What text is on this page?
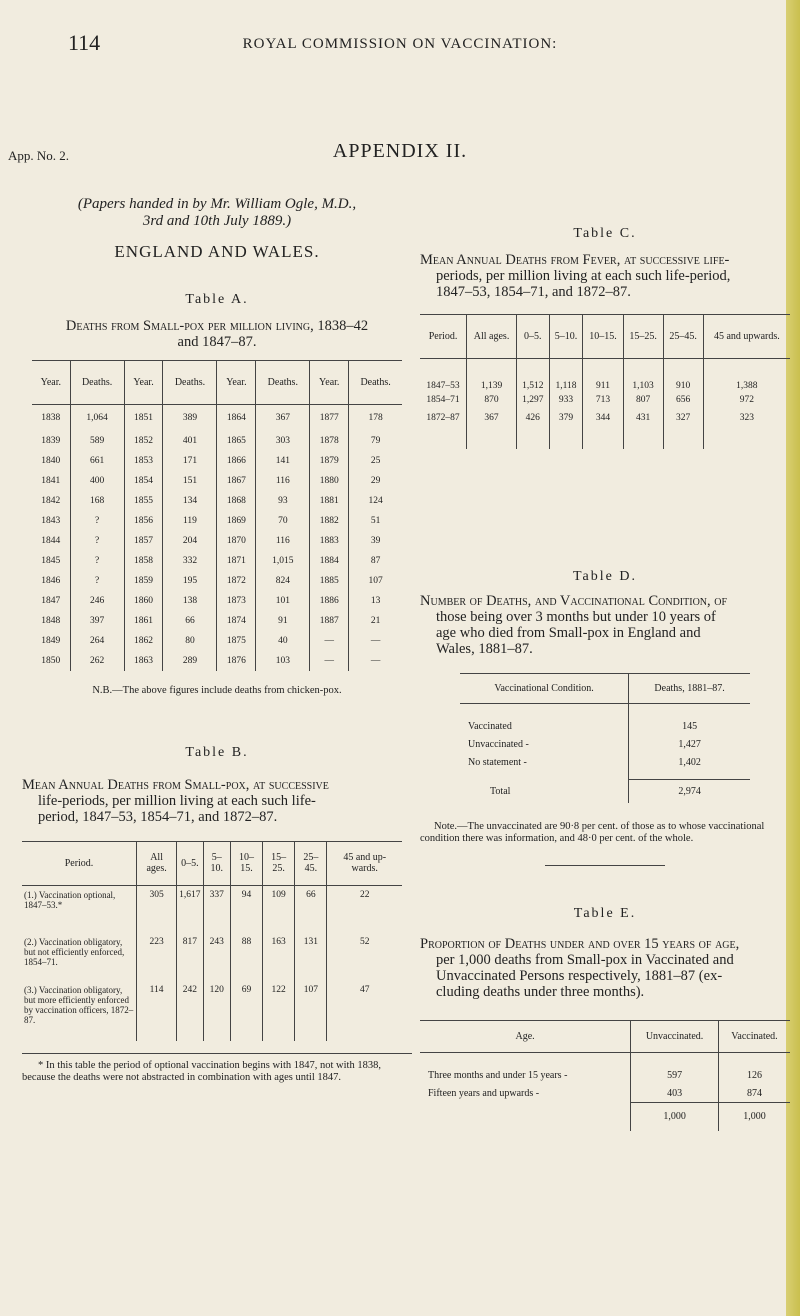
114	ROYAL COMMISSION ON VACCINATION:
App. No. 2.	APPENDIX II.
(Papers handed in by Mr. William Ogle, M.D.,
3rd and 10th July 1889.)
ENGLAND AND WALES.
Table A.
Deaths from Small-pox per million living, 1838–42
and 1847–87.
Year.	Deaths.	Year.	Deaths.	Year.	Deaths.	Year.	Deaths.
1838	1,064	1851	389	1864	367	1877	178
1839	589	1852	401	1865	303	1878	79
1840	661	1853	171	1866	141	1879	25
1841	400	1854	151	1867	116	1880	29
1842	168	1855	134	1868	93	1881	124
1843	?	1856	119	1869	70	1882	51
1844	?	1857	204	1870	116	1883	39
1845	?	1858	332	1871	1,015	1884	87
1846	?	1859	195	1872	824	1885	107
1847	246	1860	138	1873	101	1886	13
1848	397	1861	66	1874	91	1887	21
1849	264	1862	80	1875	40	—	—
1850	262	1863	289	1876	103	—	—
N.B.—The above figures include deaths from chicken-pox.
Table B.
Mean Annual Deaths from Small-pox, at successive
life-periods, per million living at each such life-
period, 1847–53, 1854–71, and 1872–87.
Period.	All ages.	0–5.	5–10.	10–15.	15–25.	25–45.	45 and up- wards.
(1.) Vaccination optional, 1847–53.*	305	1,617	337	94	109	66	22
(2.) Vaccination obligatory, but not efficiently enforced, 1854–71.	223	817	243	88	163	131	52
(3.) Vaccination obligatory, but more efficiently enforced by vaccination officers, 1872–87.	114	242	120	69	122	107	47
* In this table the period of optional vaccination begins with 1847, not with 1838, because the deaths were not abstracted in combination with ages until 1847.
Table C.
Mean Annual Deaths from Fever, at successive life-
periods, per million living at each such life-period,
1847–53, 1854–71, and 1872–87.
Period.	All ages.	0–5.	5–10.	10–15.	15–25.	25–45.	45 and upwards.
1847–53	1,139	1,512	1,118	911	1,103	910	1,388
1854–71	870	1,297	933	713	807	656	972
1872–87	367	426	379	344	431	327	323

Table D.
Number of Deaths, and Vaccinational Condition, of
those being over 3 months but under 10 years of
age who died from Small-pox in England and
Wales, 1881–87.
Vaccinational Condition.	Deaths, 1881–87.

Vaccinated	145
Unvaccinated -	1,427
No statement -	1,402

Total	2,974
Note.—The unvaccinated are 90·8 per cent. of those as to whose vaccinational condition there was information, and 48·0 per cent. of the whole.
Table E.
Proportion of Deaths under and over 15 years of age,
per 1,000 deaths from Small-pox in Vaccinated and
Unvaccinated Persons respectively, 1881–87 (ex-
cluding deaths under three months).
Age.	Unvaccinated.	Vaccinated.

Three months and under 15 years -	597	126
Fifteen years and upwards -	403	874
	1,000	1,000
